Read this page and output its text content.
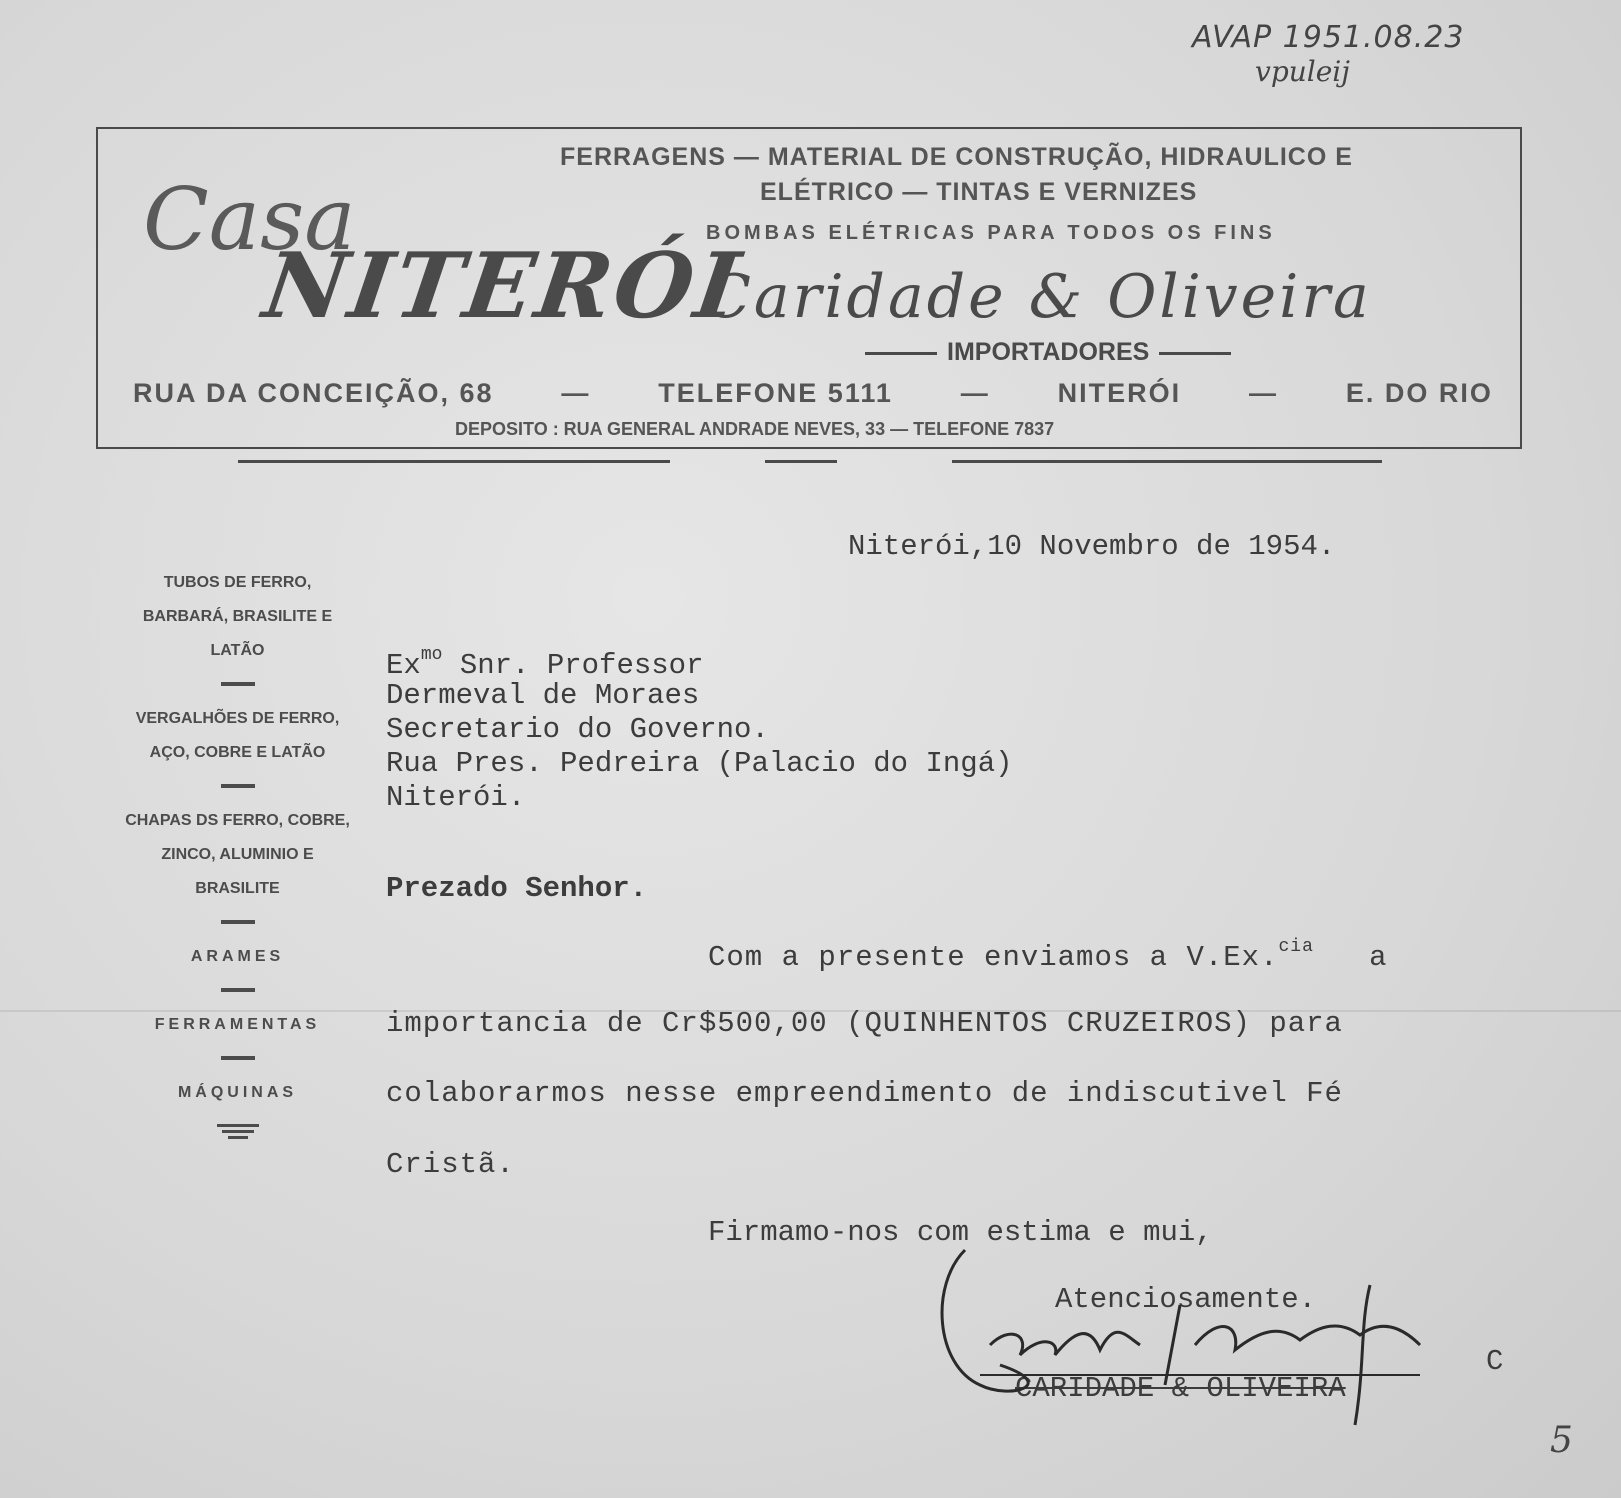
AVAP 1951.08.23
vpuleij
FERRAGENS — MATERIAL DE CONSTRUÇÃO, HIDRAULICO E
ELÉTRICO — TINTAS E VERNIZES
BOMBAS ELÉTRICAS PARA TODOS OS FINS
Casa
NITERÓI
Caridade & Oliveira
IMPORTADORES
RUA DA CONCEIÇÃO, 68	—	TELEFONE 5111	—	NITERÓI	—	E. DO RIO
DEPOSITO : RUA GENERAL ANDRADE NEVES, 33 — TELEFONE 7837
TUBOS DE FERRO,
BARBARÁ, BRASILITE E
LATÃO
VERGALHÕES DE FERRO,
AÇO, COBRE E LATÃO
CHAPAS DS FERRO, COBRE,
ZINCO, ALUMINIO E
BRASILITE
ARAMES
FERRAMENTAS
MÁQUINAS
Niterói,10 Novembro de 1954.
$Ex^{mo}$ Snr. Professor
Dermeval de Moraes
Secretario do Governo.
Rua Pres. Pedreira (Palacio do Ingá)
Niterói.
Prezado Senhor.
Com a presente enviamos a V.Ex.$^{cia}$ a
importancia de Cr$500,00 (QUINHENTOS CRUZEIROS) para
colaborarmos nesse empreendimento de indiscutivel Fé
Cristã.
Firmamo-nos com estima e mui,
Atenciosamente.
CARIDADE & OLIVEIRA
C
5
